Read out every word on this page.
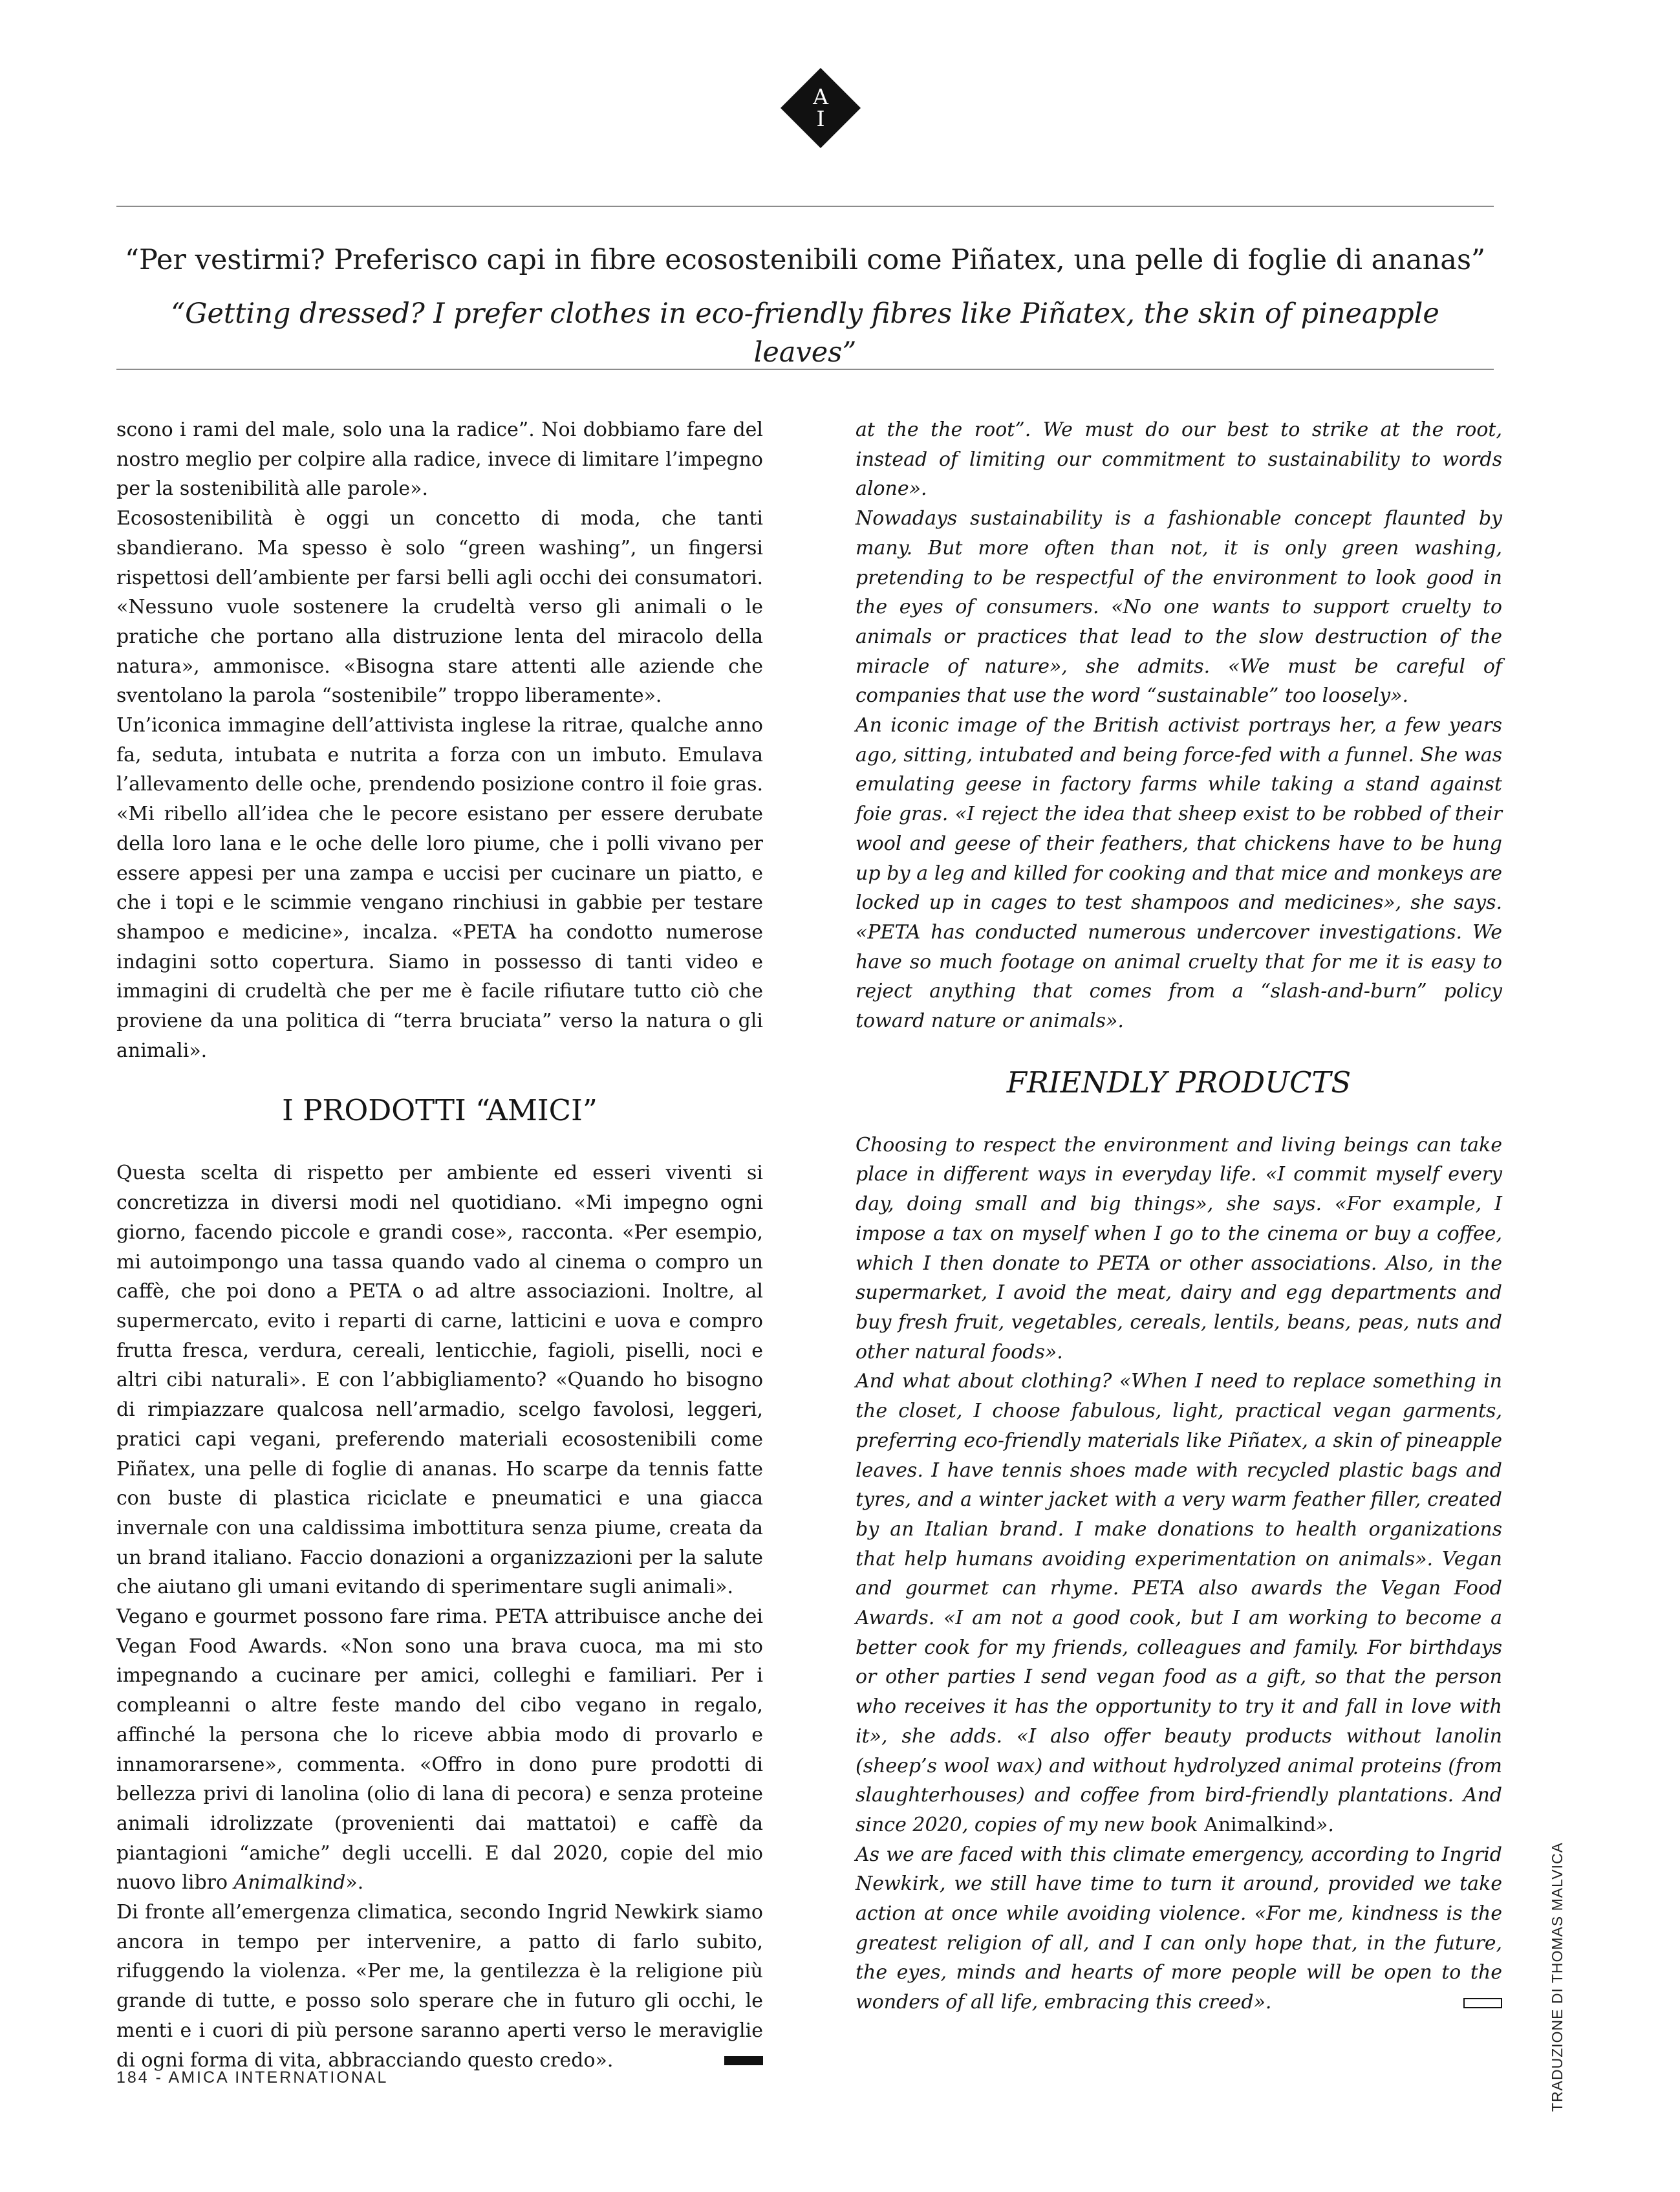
A
I
“Per vestirmi? Preferisco capi in fibre ecosostenibili come Piñatex, una pelle di foglie di ananas”
“Getting dressed? I prefer clothes in eco-friendly fibres like Piñatex, the skin of pineapple leaves”

scono i rami del male, solo una la radice”. Noi dobbiamo fare del nostro meglio per colpire alla radice, invece di limitare l’impegno per la sostenibilità alle parole».

Ecosostenibilità è oggi un concetto di moda, che tanti sbandierano. Ma spesso è solo “green washing”, un fingersi rispettosi dell’ambiente per farsi belli agli occhi dei consumatori. «Nessuno vuole sostenere la crudeltà verso gli animali o le pratiche che portano alla distruzione lenta del miracolo della natura», ammonisce. «Bisogna stare attenti alle aziende che sventolano la parola “sostenibile” troppo liberamente».

Un’iconica immagine dell’attivista inglese la ritrae, qualche anno fa, seduta, intubata e nutrita a forza con un imbuto. Emulava l’allevamento delle oche, prendendo posizione contro il foie gras. «Mi ribello all’idea che le pecore esistano per essere derubate della loro lana e le oche delle loro piume, che i polli vivano per essere appesi per una zampa e uccisi per cucinare un piatto, e che i topi e le scimmie vengano rinchiusi in gabbie per testare shampoo e medicine», incalza. «PETA ha condotto numerose indagini sotto copertura. Siamo in possesso di tanti video e immagini di crudeltà che per me è facile rifiutare tutto ciò che proviene da una politica di “terra bruciata” verso la natura o gli animali».

I PRODOTTI “AMICI”

Questa scelta di rispetto per ambiente ed esseri viventi si concretizza in diversi modi nel quotidiano. «Mi impegno ogni giorno, facendo piccole e grandi cose», racconta. «Per esempio, mi autoimpongo una tassa quando vado al cinema o compro un caffè, che poi dono a PETA o ad altre associazioni. Inoltre, al supermercato, evito i reparti di carne, latticini e uova e compro frutta fresca, verdura, cereali, lenticchie, fagioli, piselli, noci e altri cibi naturali». E con l’abbigliamento? «Quando ho bisogno di rimpiazzare qualcosa nell’armadio, scelgo favolosi, leggeri, pratici capi vegani, preferendo materiali ecosostenibili come Piñatex, una pelle di foglie di ananas. Ho scarpe da tennis fatte con buste di plastica riciclate e pneumatici e una giacca invernale con una caldissima imbottitura senza piume, creata da un brand italiano. Faccio donazioni a organizzazioni per la salute che aiutano gli umani evitando di sperimentare sugli animali».

Vegano e gourmet possono fare rima. PETA attribuisce anche dei Vegan Food Awards. «Non sono una brava cuoca, ma mi sto impegnando a cucinare per amici, colleghi e familiari. Per i compleanni o altre feste mando del cibo vegano in regalo, affinché la persona che lo riceve abbia modo di provarlo e innamorarsene», commenta. «Offro in dono pure prodotti di bellezza privi di lanolina (olio di lana di pecora) e senza proteine animali idrolizzate (provenienti dai mattatoi) e caffè da piantagioni “amiche” degli uccelli. E dal 2020, copie del mio nuovo libro Animalkind».

Di fronte all’emergenza climatica, secondo Ingrid Newkirk siamo ancora in tempo per intervenire, a patto di farlo subito, rifuggendo la violenza. «Per me, la gentilezza è la religione più grande di tutte, e posso solo sperare che in futuro gli occhi, le menti e i cuori di più persone saranno aperti verso le meraviglie di ogni forma di vita, abbracciando questo credo».

at the the root”. We must do our best to strike at the root, instead of limiting our commitment to sustainability to words alone».

Nowadays sustainability is a fashionable concept flaunted by many. But more often than not, it is only green washing, pretending to be respectful of the environment to look good in the eyes of consumers. «No one wants to support cruelty to animals or practices that lead to the slow destruction of the miracle of nature», she admits. «We must be careful of companies that use the word “sustainable” too loosely».

An iconic image of the British activist portrays her, a few years ago, sitting, intubated and being force-fed with a funnel. She was emulating geese in factory farms while taking a stand against foie gras. «I reject the idea that sheep exist to be robbed of their wool and geese of their feathers, that chickens have to be hung up by a leg and killed for cooking and that mice and monkeys are locked up in cages to test shampoos and medicines», she says. «PETA has conducted numerous undercover investigations. We have so much footage on animal cruelty that for me it is easy to reject anything that comes from a “slash-and-burn” policy toward nature or animals».

FRIENDLY PRODUCTS

Choosing to respect the environment and living beings can take place in different ways in everyday life. «I commit myself every day, doing small and big things», she says. «For example, I impose a tax on myself when I go to the cinema or buy a coffee, which I then donate to PETA or other associations. Also, in the supermarket, I avoid the meat, dairy and egg departments and buy fresh fruit, vegetables, cereals, lentils, beans, peas, nuts and other natural foods».

And what about clothing? «When I need to replace something in the closet, I choose fabulous, light, practical vegan garments, preferring eco-friendly materials like Piñatex, a skin of pineapple leaves. I have tennis shoes made with recycled plastic bags and tyres, and a winter jacket with a very warm feather filler, created by an Italian brand. I make donations to health organizations that help humans avoiding experimentation on animals». Vegan and gourmet can rhyme. PETA also awards the Vegan Food Awards. «I am not a good cook, but I am working to become a better cook for my friends, colleagues and family. For birthdays or other parties I send vegan food as a gift, so that the person who receives it has the opportunity to try it and fall in love with it», she adds. «I also offer beauty products without lanolin (sheep’s wool wax) and without hydrolyzed animal proteins (from slaughterhouses) and coffee from bird-friendly plantations. And since 2020, copies of my new book Animalkind».

As we are faced with this climate emergency, according to Ingrid Newkirk, we still have time to turn it around, provided we take action at once while avoiding violence. «For me, kindness is the greatest religion of all, and I can only hope that, in the future, the eyes, minds and hearts of more people will be open to the wonders of all life, embracing this creed».	TRADUZIONE DI THOMAS MALVICA
184 - AMICA INTERNATIONAL
